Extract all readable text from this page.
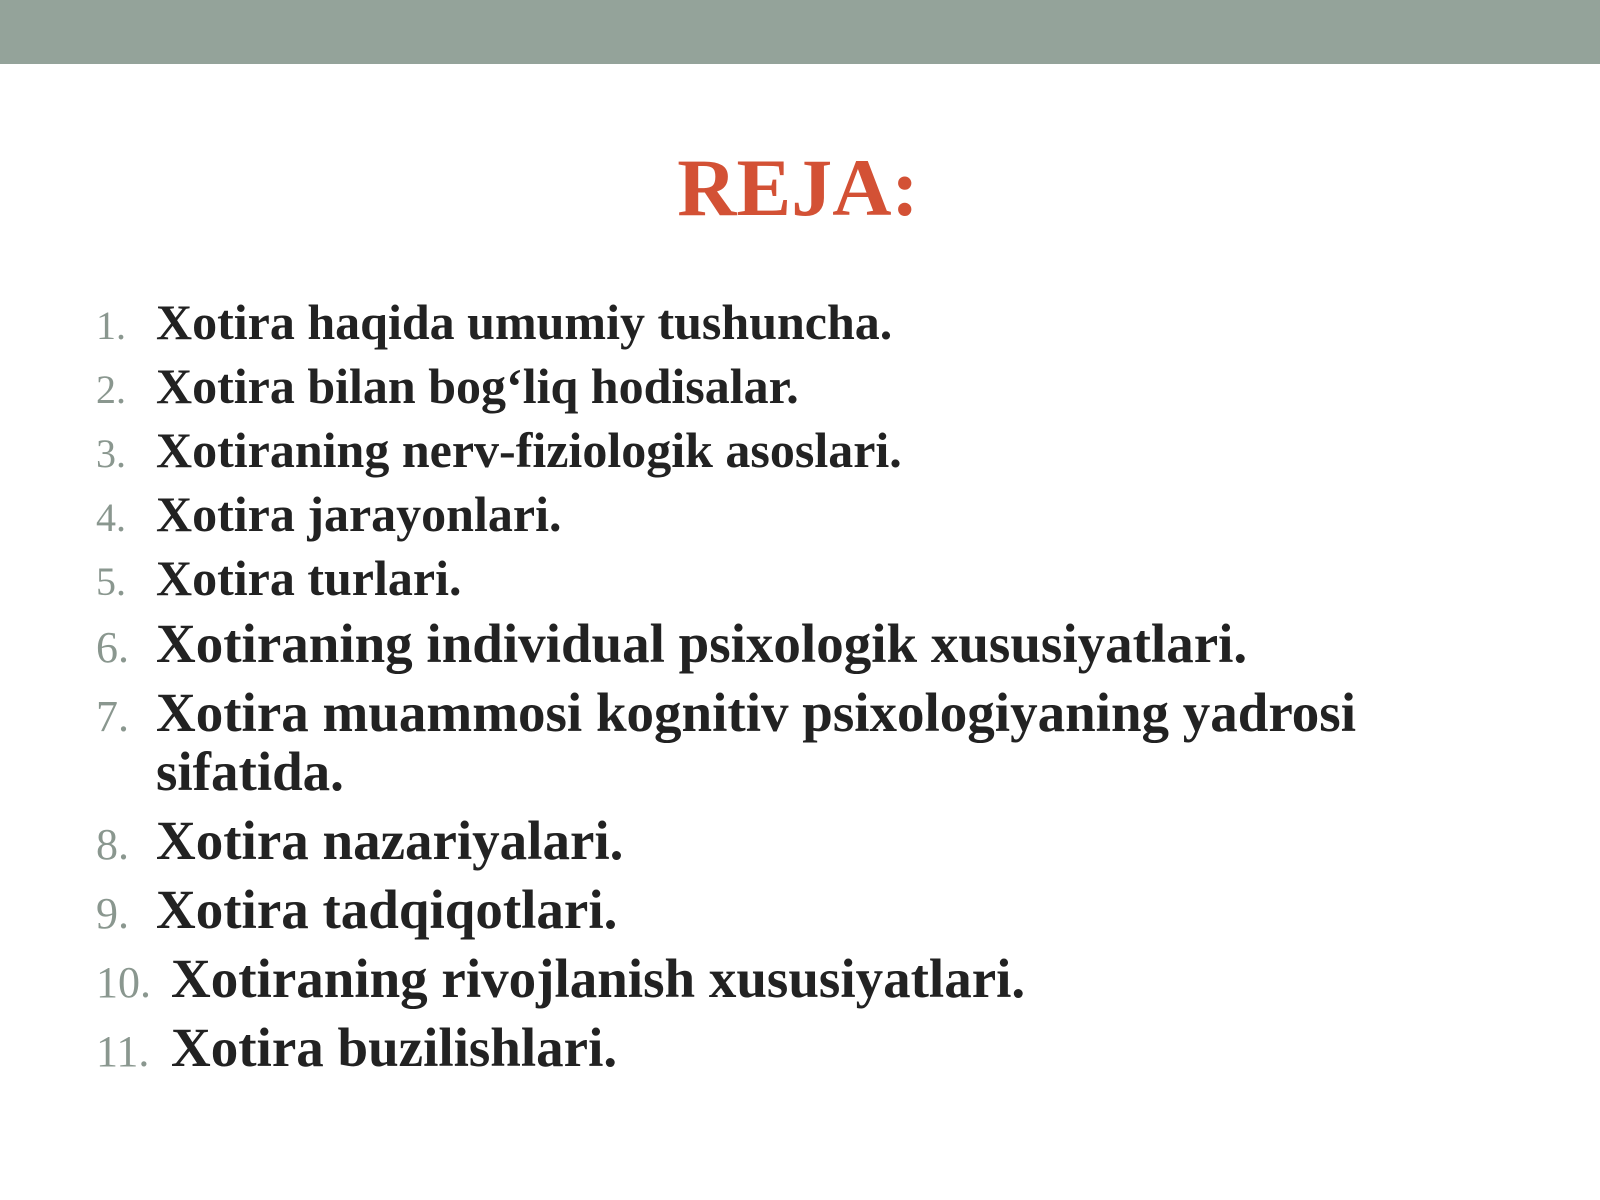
REJA:
1. Xotira haqida umumiy tushuncha.
2. Xotira bilan bog‘liq hodisalar.
3. Xotiraning nerv-fiziologik asoslari.
4. Xotira jarayonlari.
5. Xotira turlari.
6. Xotiraning individual psixologik xususiyatlari.
7. Xotira muammosi kognitiv psixologiyaning yadrosi sifatida.
8. Xotira nazariyalari.
9. Xotira tadqiqotlari.
10. Xotiraning rivojlanish xususiyatlari.
11. Xotira buzilishlari.
